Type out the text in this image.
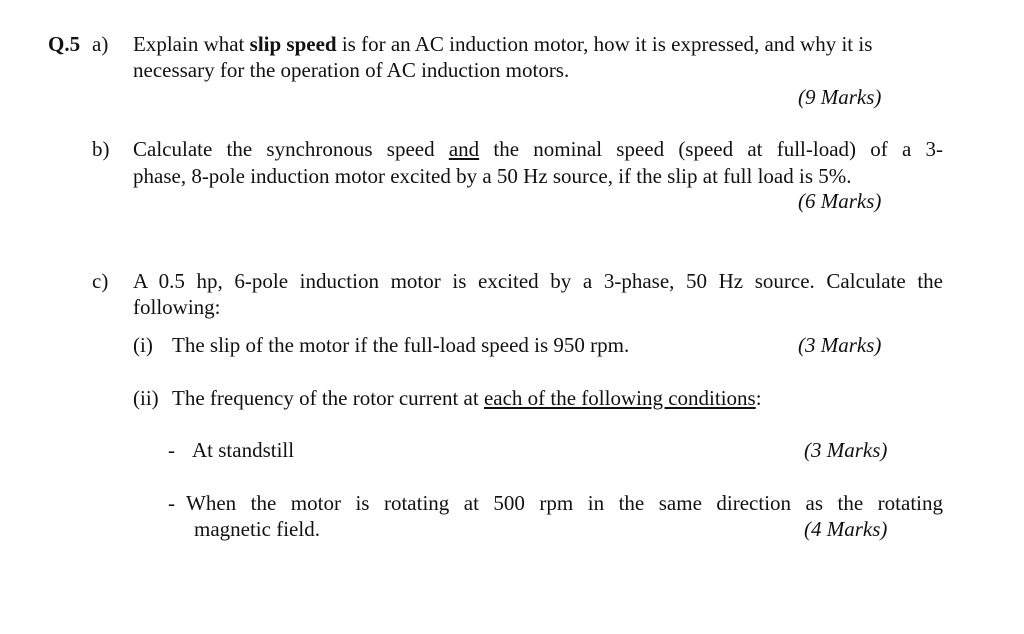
Q.5 a) Explain what slip speed is for an AC induction motor, how it is expressed, and why it is
necessary for the operation of AC induction motors.
(9 Marks)
b) Calculate the synchronous speed and the nominal speed (speed at full-load) of a 3-
phase, 8-pole induction motor excited by a 50 Hz source, if the slip at full load is 5%.
(6 Marks)
c) A 0.5 hp, 6-pole induction motor is excited by a 3-phase, 50 Hz source. Calculate the
following:
(i) The slip of the motor if the full-load speed is 950 rpm.	(3 Marks)
(ii) The frequency of the rotor current at each of the following conditions:
- At standstill	(3 Marks)
- When the motor is rotating at 500 rpm in the same direction as the rotating
magnetic field.	(4 Marks)
